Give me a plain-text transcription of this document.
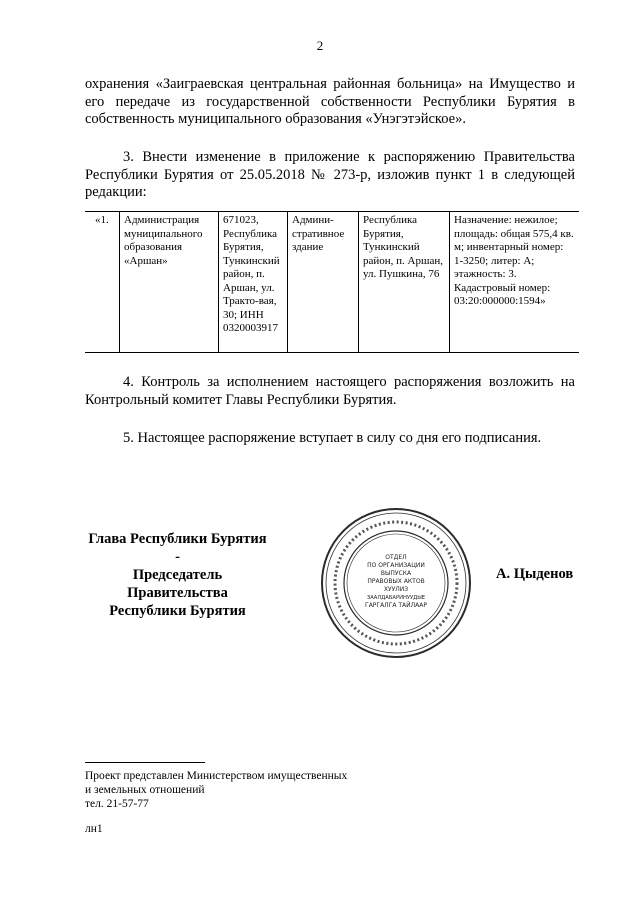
2
охранения «Заиграевская центральная районная больница» на Имущество и его передаче из государственной собственности Республики Бурятия в собственность муниципального образования «Унэгэтэйское».
3. Внести изменение в приложение к распоряжению Правительства Республики Бурятия от 25.05.2018 № 273-р, изложив пункт 1 в следующей редакции:
«1.	Администрация муниципального образования «Аршан»	671023, Республика Бурятия, Тункинский район, п. Аршан, ул. Тракто-вая, 30; ИНН 0320003917	Админи-стративное здание	Республика Бурятия, Тункинский район, п. Аршан, ул. Пушкина, 76	Назначение: нежилое; площадь: общая 575,4 кв. м; инвентарный номер: 1-3250; литер: А; этажность: 3. Кадастровый номер: 03:20:000000:1594»
4. Контроль за исполнением настоящего распоряжения возложить на Контрольный комитет Главы Республики Бурятия.
5. Настоящее распоряжение вступает в силу со дня его подписания.
Глава Республики Бурятия -
Председатель Правительства
Республики Бурятия
ОТДЕЛ
ПО ОРГАНИЗАЦИИ
ВЫПУСКА
ПРАВОВЫХ АКТОВ
ХУУЛИЗ
ЗААЛДАБАРИНУУДЫЕ
ГАРГАЛГА ТАЙЛААР
А. Цыденов
Проект представлен Министерством имущественных
и земельных отношений
тел. 21-57-77
лн1
